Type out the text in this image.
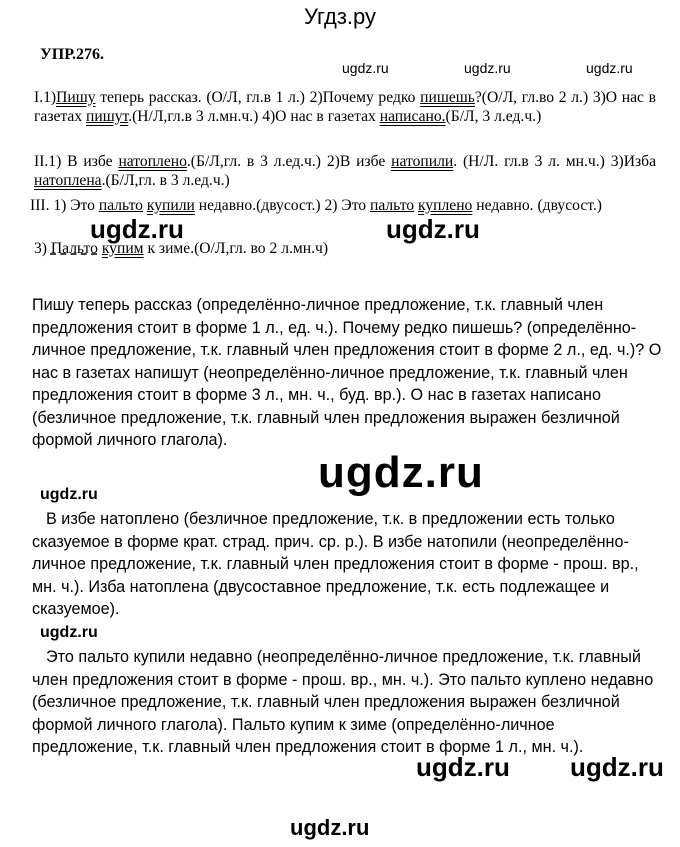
Угдз.ру
УПР.276.
ugdz.ru	ugdz.ru	ugdz.ru
I.1)Пишу теперь рассказ. (О/Л, гл.в 1 л.) 2)Почему редко пишешь?(О/Л, гл.во 2 л.) 3)О нас в газетах пишут.(Н/Л,гл.в 3 л.мн.ч.) 4)О нас в газетах написано.(Б/Л, 3 л.ед.ч.)
II.1) В избе натоплено.(Б/Л,гл. в 3 л.ед.ч.) 2)В избе натопили. (Н/Л. гл.в 3 л. мн.ч.) 3)Изба натоплена.(Б/Л,гл. в 3 л.ед.ч.)
III. 1) Это пальто купили недавно.(двусост.) 2) Это пальто куплено недавно. (двусост.)
3) Пальто купим к зиме.(О/Л,гл. во 2 л.мн.ч)
ugdz.ru	ugdz.ru
Пишу теперь рассказ (определённо-личное предложение, т.к. главный член предложения стоит в форме 1 л., ед. ч.). Почему редко пишешь? (определённо-личное предложение, т.к. главный член предложения стоит в форме 2 л., ед. ч.)? О нас в газетах напишут (неопределённо-личное предложение, т.к. главный член предложения стоит в форме 3 л., мн. ч., буд. вр.). О нас в газетах написано (безличное предложение, т.к. главный член предложения выражен безличной формой личного глагола).
ugdz.ru
ugdz.ru
В избе натоплено (безличное предложение, т.к. в предложении есть только сказуемое в форме крат. страд. прич. ср. р.). В избе натопили (неопределённо-личное предложение, т.к. главный член предложения стоит в форме - прош. вр., мн. ч.). Изба натоплена (двусоставное предложение, т.к. есть подлежащее и сказуемое).
ugdz.ru
Это пальто купили недавно (неопределённо-личное предложение, т.к. главный член предложения стоит в форме - прош. вр., мн. ч.). Это пальто куплено недавно (безличное предложение, т.к. главный член предложения выражен безличной формой личного глагола). Пальто купим к зиме (определённо-личное предложение, т.к. главный член предложения стоит в форме 1 л., мн. ч.).
ugdz.ru ugdz.ru
ugdz.ru
